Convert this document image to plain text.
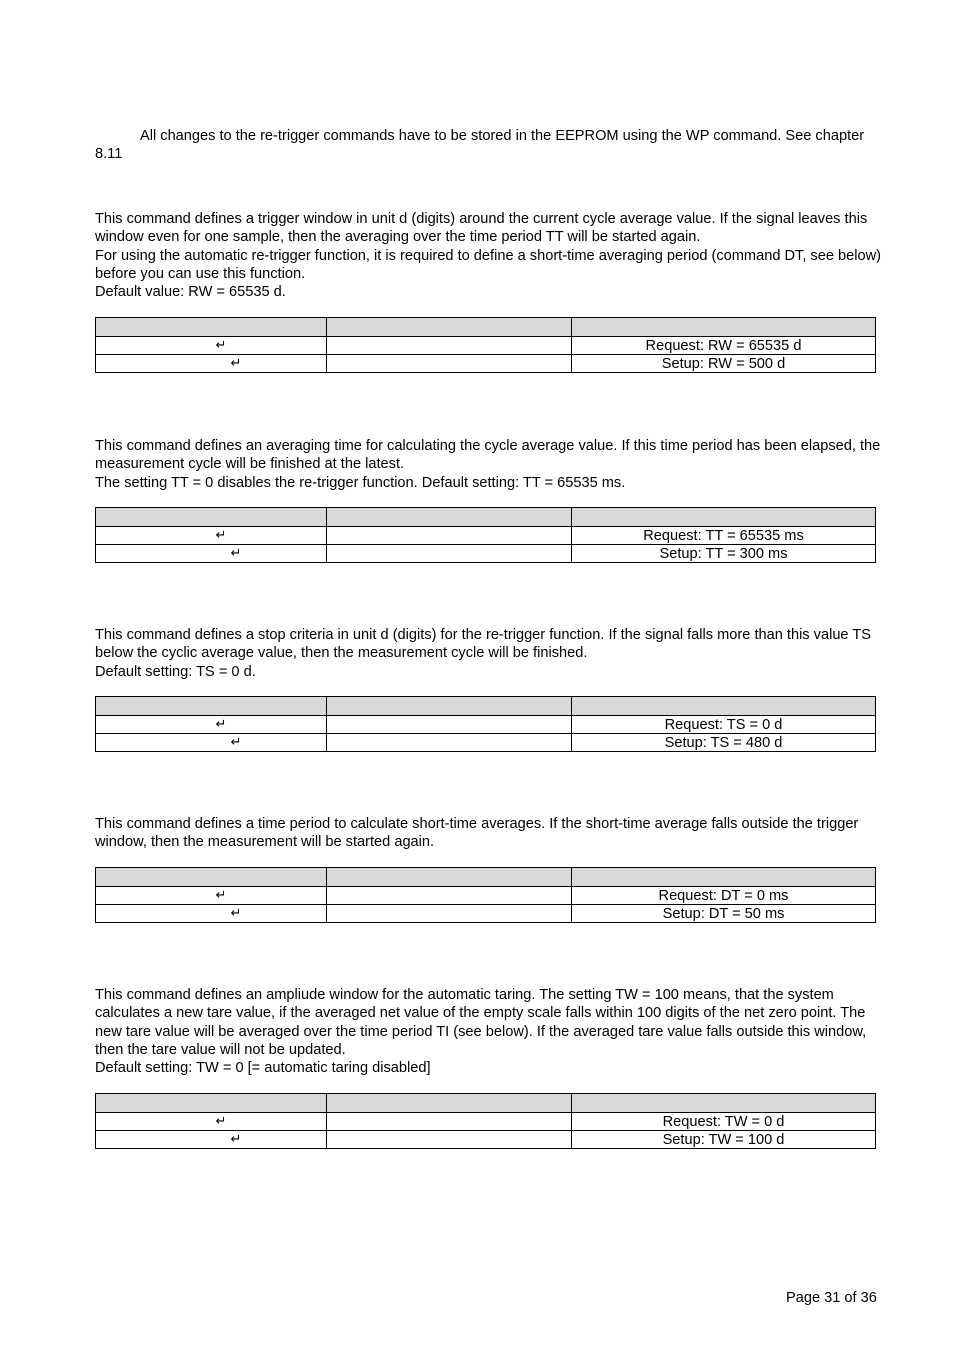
All changes to the re-trigger commands have to be stored in the EEPROM using the WP command. See chapter 8.11

This command defines a trigger window in unit d (digits) around the current cycle average value. If the signal leaves this window even for one sample, then the averaging over the time period TT will be started again.

For using the automatic re-trigger function, it is required to define a short-time averaging period (command DT, see below) before you can use this function.

Default value: RW = 65535 d.

↵		Request: RW = 65535 d
↵		Setup: RW = 500 d

This command defines an averaging time for calculating the cycle average value. If this time period has been elapsed, the measurement cycle will be finished at the latest.

The setting TT = 0 disables the re-trigger function. Default setting: TT = 65535 ms.

↵		Request: TT = 65535 ms
↵		Setup: TT = 300 ms

This command defines a stop criteria in unit d (digits) for the re-trigger function. If the signal falls more than this value TS below the cyclic average value, then the measurement cycle will be finished.

Default setting: TS = 0 d.

↵		Request: TS = 0 d
↵		Setup: TS = 480 d

This command defines a time period to calculate short-time averages. If the short-time average falls outside the trigger window, then the measurement will be started again.

↵		Request: DT = 0 ms
↵		Setup: DT = 50 ms

This command defines an ampliude window for the automatic taring. The setting TW = 100 means, that the system calculates a new tare value, if the averaged net value of the empty scale falls within 100 digits of the net zero point. The new tare value will be averaged over the time period TI (see below). If the averaged tare value falls outside this window, then the tare value will not be updated.

Default setting: TW = 0 [= automatic taring disabled]

↵		Request: TW = 0 d
↵		Setup: TW = 100 d
Page 31 of 36
